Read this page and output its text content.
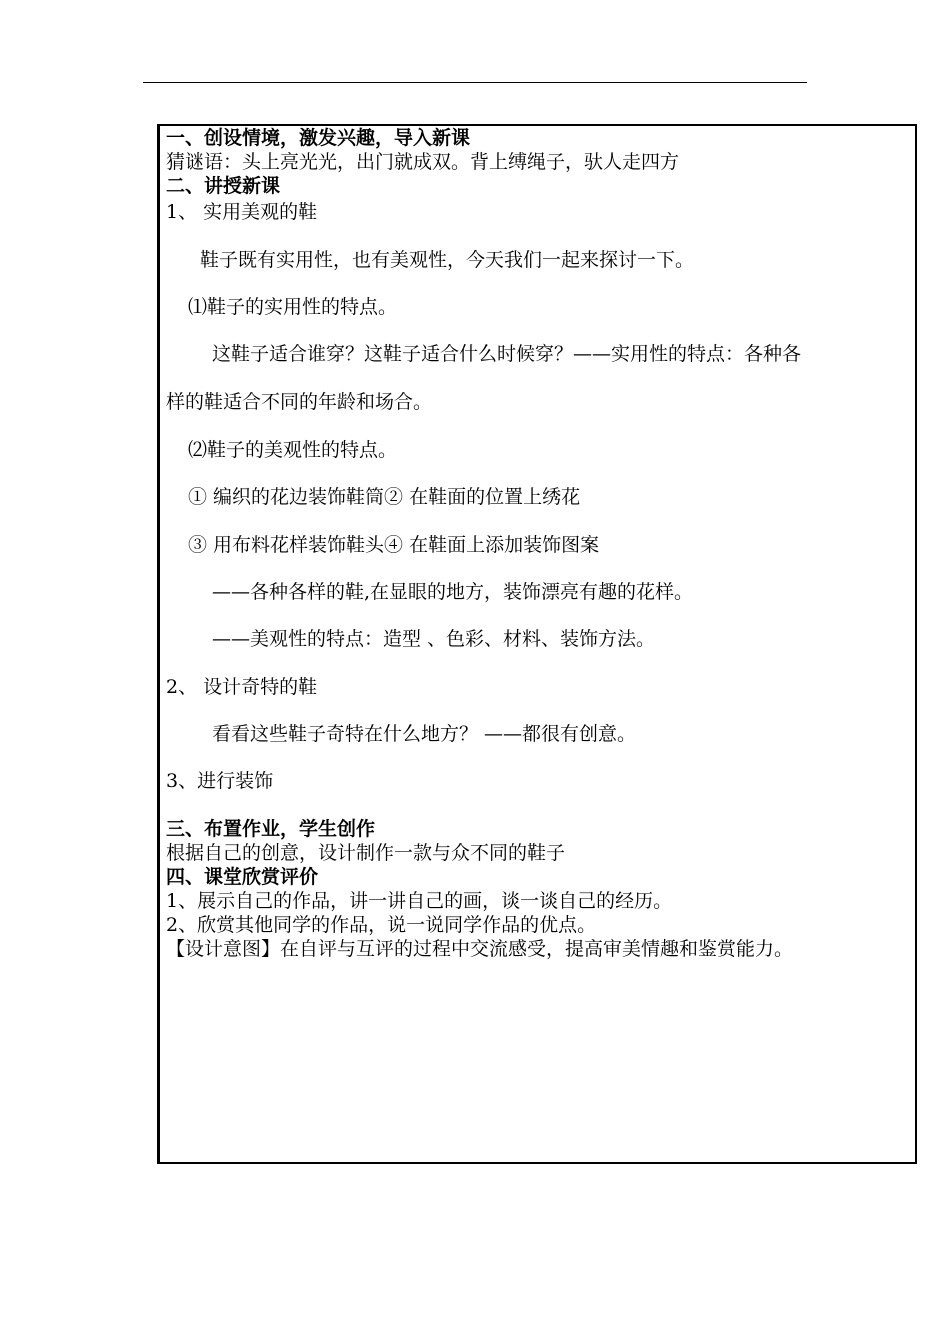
一、创设情境，激发兴趣，导入新课
猜谜语：头上亮光光，出门就成双。背上缚绳子，驮人走四方
二、讲授新课
1、 实用美观的鞋
鞋子既有实用性，也有美观性，今天我们一起来探讨一下。
⑴鞋子的实用性的特点。
这鞋子适合谁穿？这鞋子适合什么时候穿？——实用性的特点：各种各
样的鞋适合不同的年龄和场合。
⑵鞋子的美观性的特点。
① 编织的花边装饰鞋筒② 在鞋面的位置上绣花
③ 用布料花样装饰鞋头④ 在鞋面上添加装饰图案
——各种各样的鞋,在显眼的地方，装饰漂亮有趣的花样。
——美观性的特点：造型 、色彩、材料、装饰方法。
2、 设计奇特的鞋
看看这些鞋子奇特在什么地方？ ——都很有创意。
3、进行装饰
三、布置作业，学生创作
根据自己的创意，设计制作一款与众不同的鞋子
四、课堂欣赏评价
1、展示自己的作品，讲一讲自己的画，谈一谈自己的经历。
2、欣赏其他同学的作品，说一说同学作品的优点。
【设计意图】在自评与互评的过程中交流感受，提高审美情趣和鉴赏能力。
